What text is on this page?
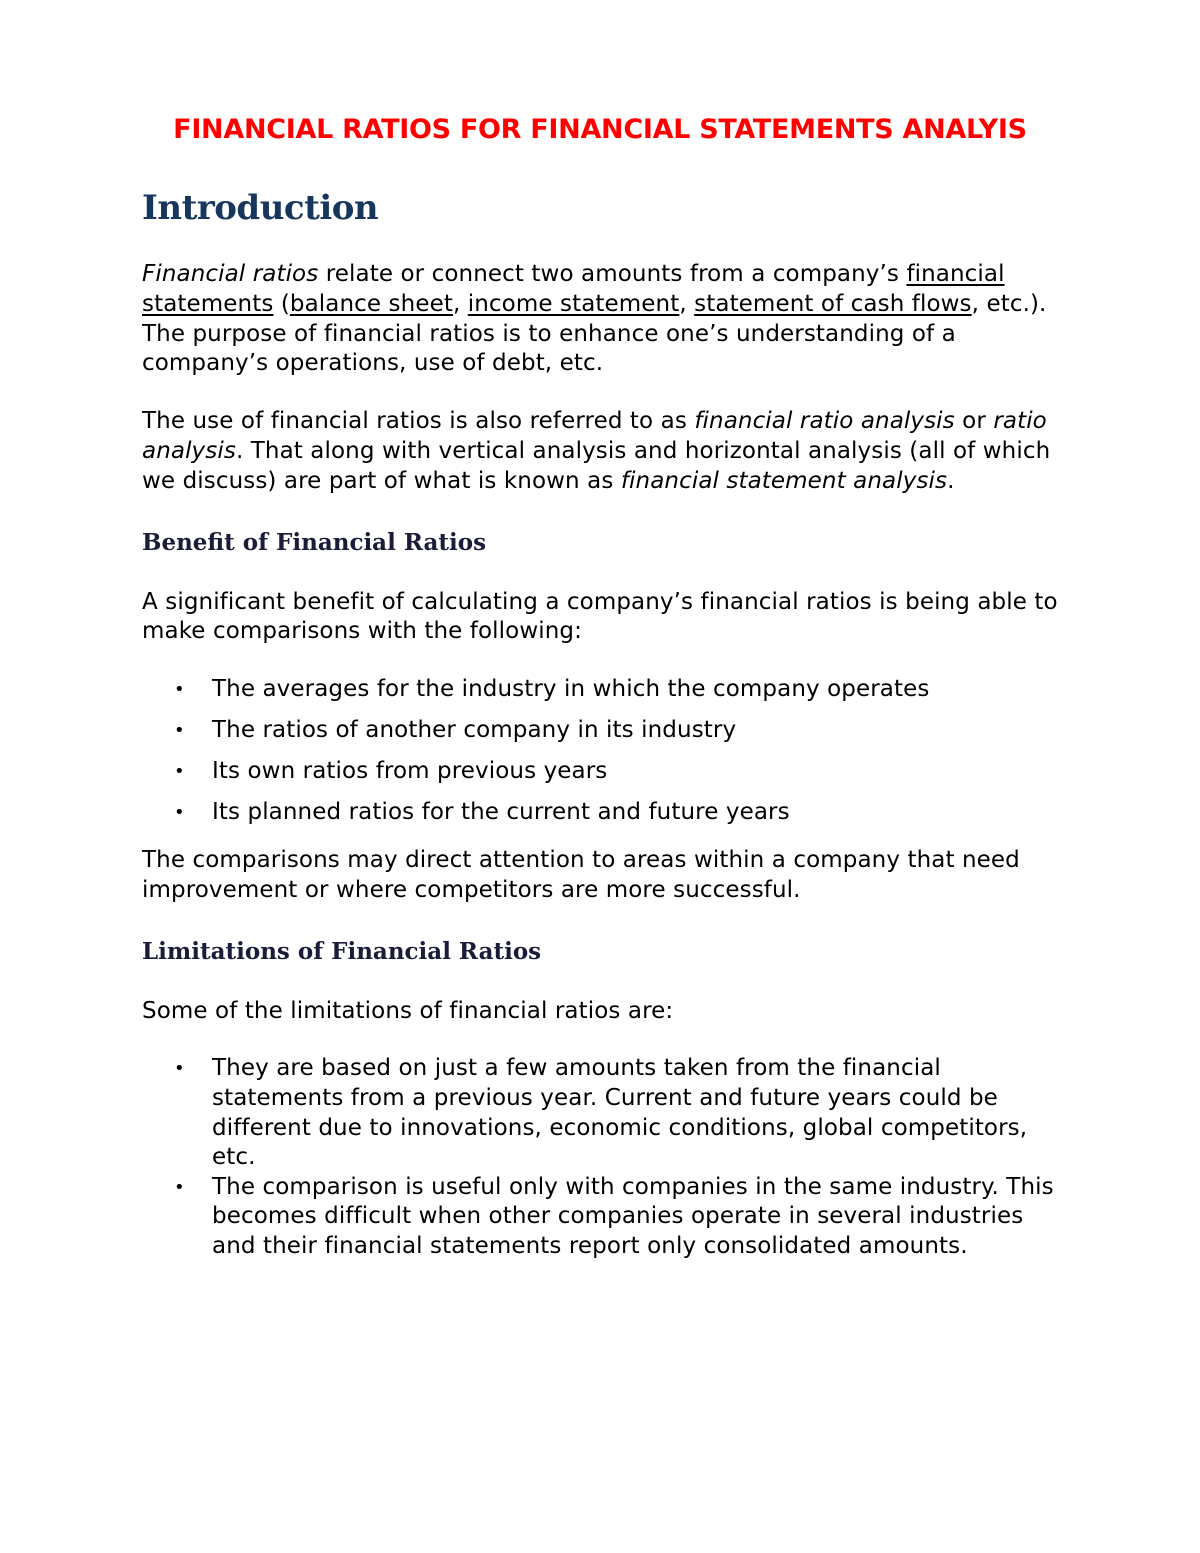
FINANCIAL RATIOS FOR FINANCIAL STATEMENTS ANALYIS
Introduction

Financial ratios relate or connect two amounts from a company’s financial statements (balance sheet, income statement, statement of cash flows, etc.). The purpose of financial ratios is to enhance one’s understanding of a company’s operations, use of debt, etc.

The use of financial ratios is also referred to as financial ratio analysis or ratio analysis. That along with vertical analysis and horizontal analysis (all of which we discuss) are part of what is known as financial statement analysis.

Benefit of Financial Ratios

A significant benefit of calculating a company’s financial ratios is being able to make comparisons with the following:

• The averages for the industry in which the company operates
• The ratios of another company in its industry
• Its own ratios from previous years
• Its planned ratios for the current and future years

The comparisons may direct attention to areas within a company that need improvement or where competitors are more successful.

Limitations of Financial Ratios

Some of the limitations of financial ratios are:

• They are based on just a few amounts taken from the financial statements from a previous year. Current and future years could be different due to innovations, economic conditions, global competitors, etc.
• The comparison is useful only with companies in the same industry. This becomes difficult when other companies operate in several industries and their financial statements report only consolidated amounts.
